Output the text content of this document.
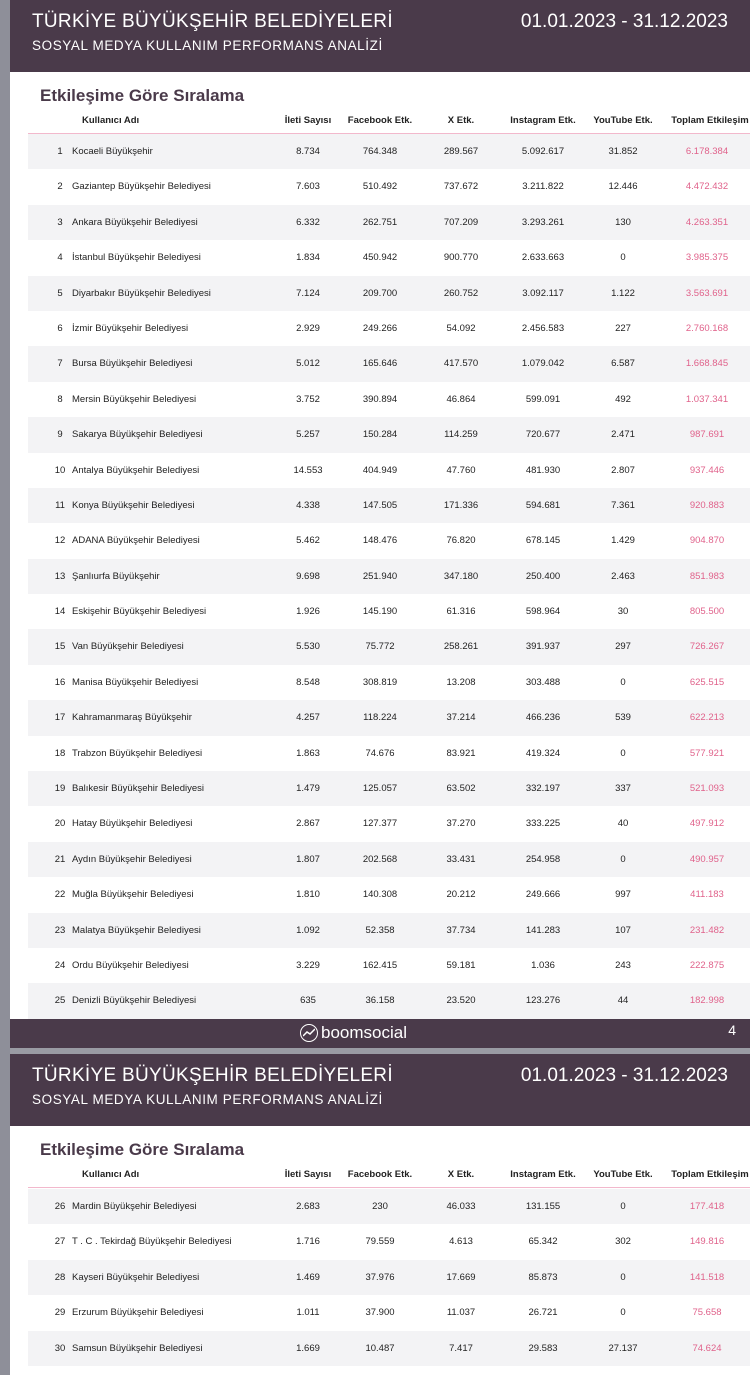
TÜRKİYE BÜYÜKŞEHİR BELEDİYELERİ
SOSYAL MEDYA KULLANIM PERFORMANS ANALİZİ
01.01.2023 - 31.12.2023
Etkileşime Göre Sıralama
Kullanıcı Adı	İleti Sayısı	Facebook Etk.	X Etk.	Instagram Etk.	YouTube Etk.	Toplam Etkileşim
1 Kocaeli Büyükşehir	8.734	764.348	289.567	5.092.617	31.852	6.178.384
2 Gaziantep Büyükşehir Belediyesi	7.603	510.492	737.672	3.211.822	12.446	4.472.432
3 Ankara Büyükşehir Belediyesi	6.332	262.751	707.209	3.293.261	130	4.263.351
4 İstanbul Büyükşehir Belediyesi	1.834	450.942	900.770	2.633.663	0	3.985.375
5 Diyarbakır Büyükşehir Belediyesi	7.124	209.700	260.752	3.092.117	1.122	3.563.691
6 İzmir Büyükşehir Belediyesi	2.929	249.266	54.092	2.456.583	227	2.760.168
7 Bursa Büyükşehir Belediyesi	5.012	165.646	417.570	1.079.042	6.587	1.668.845
8 Mersin Büyükşehir Belediyesi	3.752	390.894	46.864	599.091	492	1.037.341
9 Sakarya Büyükşehir Belediyesi	5.257	150.284	114.259	720.677	2.471	987.691
10 Antalya Büyükşehir Belediyesi	14.553	404.949	47.760	481.930	2.807	937.446
11 Konya Büyükşehir Belediyesi	4.338	147.505	171.336	594.681	7.361	920.883
12 ADANA Büyükşehir Belediyesi	5.462	148.476	76.820	678.145	1.429	904.870
13 Şanlıurfa Büyükşehir	9.698	251.940	347.180	250.400	2.463	851.983
14 Eskişehir Büyükşehir Belediyesi	1.926	145.190	61.316	598.964	30	805.500
15 Van Büyükşehir Belediyesi	5.530	75.772	258.261	391.937	297	726.267
16 Manisa Büyükşehir Belediyesi	8.548	308.819	13.208	303.488	0	625.515
17 Kahramanmaraş Büyükşehir	4.257	118.224	37.214	466.236	539	622.213
18 Trabzon Büyükşehir Belediyesi	1.863	74.676	83.921	419.324	0	577.921
19 Balıkesir Büyükşehir Belediyesi	1.479	125.057	63.502	332.197	337	521.093
20 Hatay Büyükşehir Belediyesi	2.867	127.377	37.270	333.225	40	497.912
21 Aydın Büyükşehir Belediyesi	1.807	202.568	33.431	254.958	0	490.957
22 Muğla Büyükşehir Belediyesi	1.810	140.308	20.212	249.666	997	411.183
23 Malatya Büyükşehir Belediyesi	1.092	52.358	37.734	141.283	107	231.482
24 Ordu Büyükşehir Belediyesi	3.229	162.415	59.181	1.036	243	222.875
25 Denizli Büyükşehir Belediyesi	635	36.158	23.520	123.276	44	182.998
boomsocial	4
TÜRKİYE BÜYÜKŞEHİR BELEDİYELERİ
SOSYAL MEDYA KULLANIM PERFORMANS ANALİZİ
01.01.2023 - 31.12.2023
Etkileşime Göre Sıralama
Kullanıcı Adı	İleti Sayısı	Facebook Etk.	X Etk.	Instagram Etk.	YouTube Etk.	Toplam Etkileşim
26 Mardin Büyükşehir Belediyesi	2.683	230	46.033	131.155	0	177.418
27 T . C . Tekirdağ Büyükşehir Belediyesi	1.716	79.559	4.613	65.342	302	149.816
28 Kayseri Büyükşehir Belediyesi	1.469	37.976	17.669	85.873	0	141.518
29 Erzurum Büyükşehir Belediyesi	1.011	37.900	11.037	26.721	0	75.658
30 Samsun Büyükşehir Belediyesi	1.669	10.487	7.417	29.583	27.137	74.624
